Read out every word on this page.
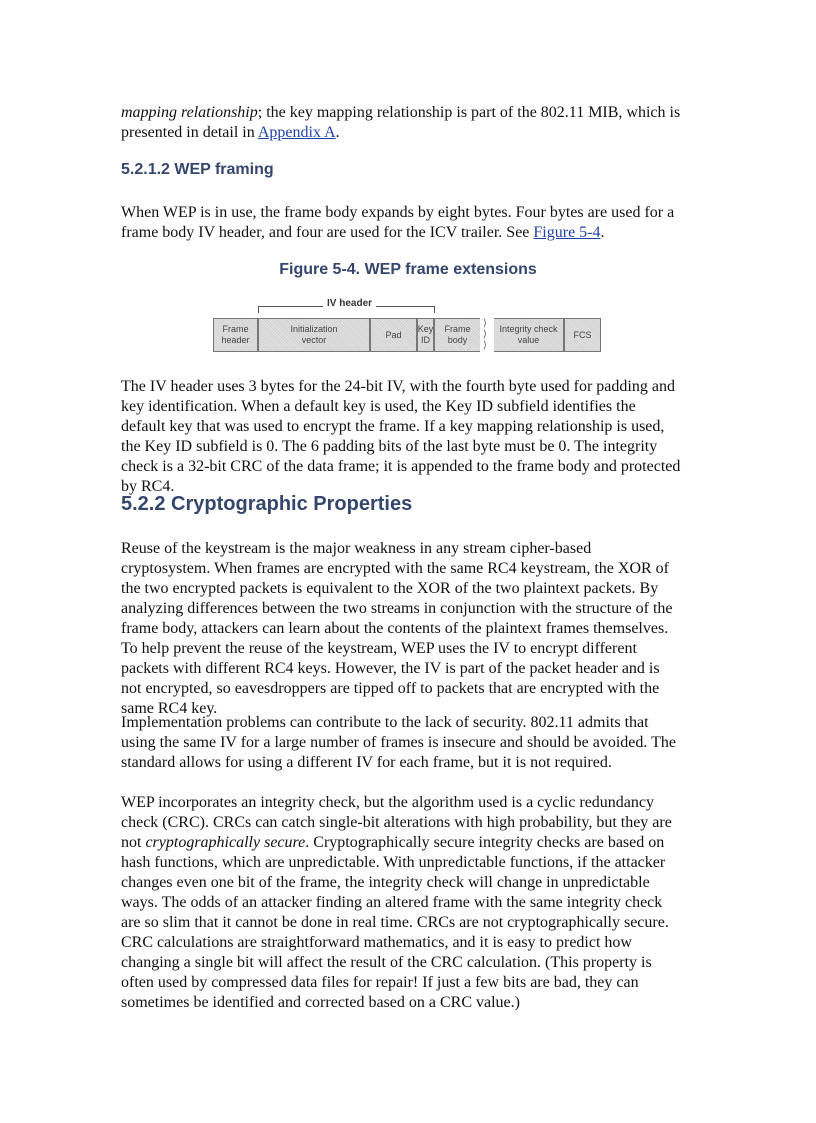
mapping relationship; the key mapping relationship is part of the 802.11 MIB, which is presented in detail in Appendix A.

5.2.1.2 WEP framing

When WEP is in use, the frame body expands by eight bytes. Four bytes are used for a frame body IV header, and four are used for the ICV trailer. See Figure 5-4.

Figure 5-4. WEP frame extensions

IV header
Frame
header
Initialization
vector
Pad
Key
ID
Frame
body
⟩
⟩
⟩
Integrity check
value
FCS

The IV header uses 3 bytes for the 24-bit IV, with the fourth byte used for padding and key identification. When a default key is used, the Key ID subfield identifies the default key that was used to encrypt the frame. If a key mapping relationship is used, the Key ID subfield is 0. The 6 padding bits of the last byte must be 0. The integrity check is a 32-bit CRC of the data frame; it is appended to the frame body and protected by RC4.

5.2.2 Cryptographic Properties

Reuse of the keystream is the major weakness in any stream cipher-based cryptosystem. When frames are encrypted with the same RC4 keystream, the XOR of the two encrypted packets is equivalent to the XOR of the two plaintext packets. By analyzing differences between the two streams in conjunction with the structure of the frame body, attackers can learn about the contents of the plaintext frames themselves. To help prevent the reuse of the keystream, WEP uses the IV to encrypt different packets with different RC4 keys. However, the IV is part of the packet header and is not encrypted, so eavesdroppers are tipped off to packets that are encrypted with the same RC4 key.

Implementation problems can contribute to the lack of security. 802.11 admits that using the same IV for a large number of frames is insecure and should be avoided. The standard allows for using a different IV for each frame, but it is not required.

WEP incorporates an integrity check, but the algorithm used is a cyclic redundancy check (CRC). CRCs can catch single-bit alterations with high probability, but they are not cryptographically secure. Cryptographically secure integrity checks are based on hash functions, which are unpredictable. With unpredictable functions, if the attacker changes even one bit of the frame, the integrity check will change in unpredictable ways. The odds of an attacker finding an altered frame with the same integrity check are so slim that it cannot be done in real time. CRCs are not cryptographically secure. CRC calculations are straightforward mathematics, and it is easy to predict how changing a single bit will affect the result of the CRC calculation. (This property is often used by compressed data files for repair! If just a few bits are bad, they can sometimes be identified and corrected based on a CRC value.)
